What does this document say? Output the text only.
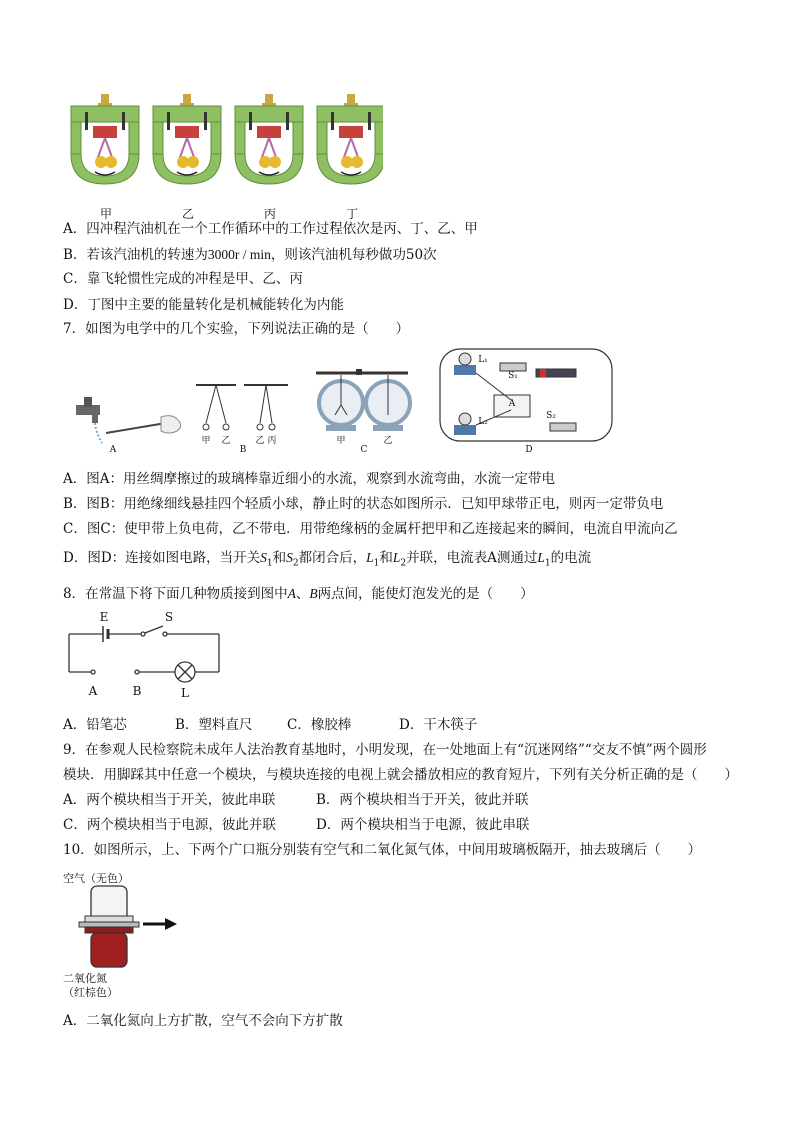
甲	乙	丙	丁
A．四冲程汽油机在一个工作循环中的工作过程依次是丙、丁、乙、甲
B．若该汽油机的转速为3000r / min，则该汽油机每秒做功50次
C．靠飞轮惯性完成的冲程是甲、乙、丙
D．丁图中主要的能量转化是机械能转化为内能
7．如图为电学中的几个实验，下列说法正确的是（　　）
A
甲 乙	乙 丙
B
甲	乙
C
L₁
S₁
L₂
S₂
A
D
A．图A：用丝绸摩擦过的玻璃棒靠近细小的水流，观察到水流弯曲，水流一定带电
B．图B：用绝缘细线悬挂四个轻质小球，静止时的状态如图所示．已知甲球带正电，则丙一定带负电
C．图C：使甲带上负电荷，乙不带电．用带绝缘柄的金属杆把甲和乙连接起来的瞬间，电流自甲流向乙
D．图D：连接如图电路，当开关$S_1$和$S_2$都闭合后，$L_1$和$L_2$并联，电流表A测通过$L_1$的电流
8．在常温下将下面几种物质接到图中A、B两点间，能使灯泡发光的是（　　）
E	S
A	B	L
A．铅笔芯	B．塑料直尺	C．橡胶棒	D．干木筷子
9．在参观人民检察院未成年人法治教育基地时，小明发现，在一处地面上有“沉迷网络”“交友不慎”两个圆形
模块．用脚踩其中任意一个模块，与模块连接的电视上就会播放相应的教育短片，下列有关分析正确的是（　　）
A．两个模块相当于开关，彼此串联	B．两个模块相当于开关，彼此并联
C．两个模块相当于电源，彼此并联	D．两个模块相当于电源，彼此串联
10．如图所示，上、下两个广口瓶分别装有空气和二氧化氮气体，中间用玻璃板隔开，抽去玻璃后（　　）
空气（无色）
二氧化氮
（红棕色）
A．二氧化氮向上方扩散，空气不会向下方扩散
